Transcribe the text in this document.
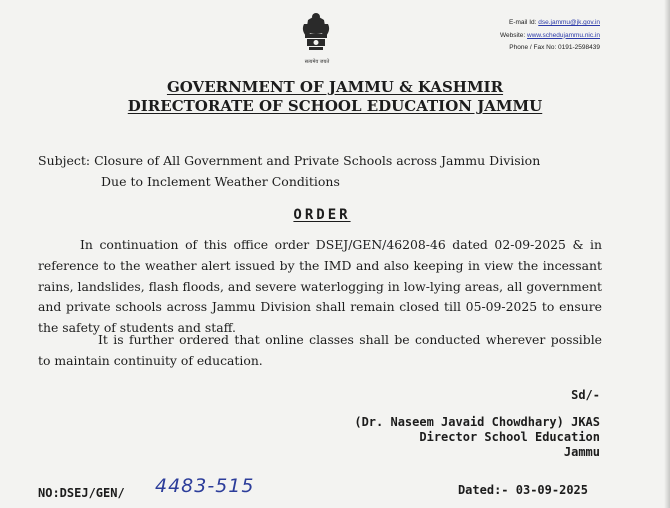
सत्यमेव जयते
E-mail Id: dse.jammu@jk.gov.in
Website: www.schedujammu.nic.in
Phone / Fax No: 0191-2598439
GOVERNMENT OF JAMMU & KASHMIR
DIRECTORATE OF SCHOOL EDUCATION JAMMU
Subject: Closure of All Government and Private Schools across Jammu Division
Due to Inclement Weather Conditions
ORDER
In continuation of this office order DSEJ/GEN/46208-46 dated 02-09-2025 & in reference to the weather alert issued by the IMD and also keeping in view the incessant rains, landslides, flash floods, and severe waterlogging in low-lying areas, all government and private schools across Jammu Division shall remain closed till 05-09-2025 to ensure the safety of students and staff.
It is further ordered that online classes shall be conducted wherever possible to maintain continuity of education.
Sd/-
(Dr. Naseem Javaid Chowdhary) JKAS
Director School Education
Jammu
NO:DSEJ/GEN/ 4483-515	Dated:- 03-09-2025
